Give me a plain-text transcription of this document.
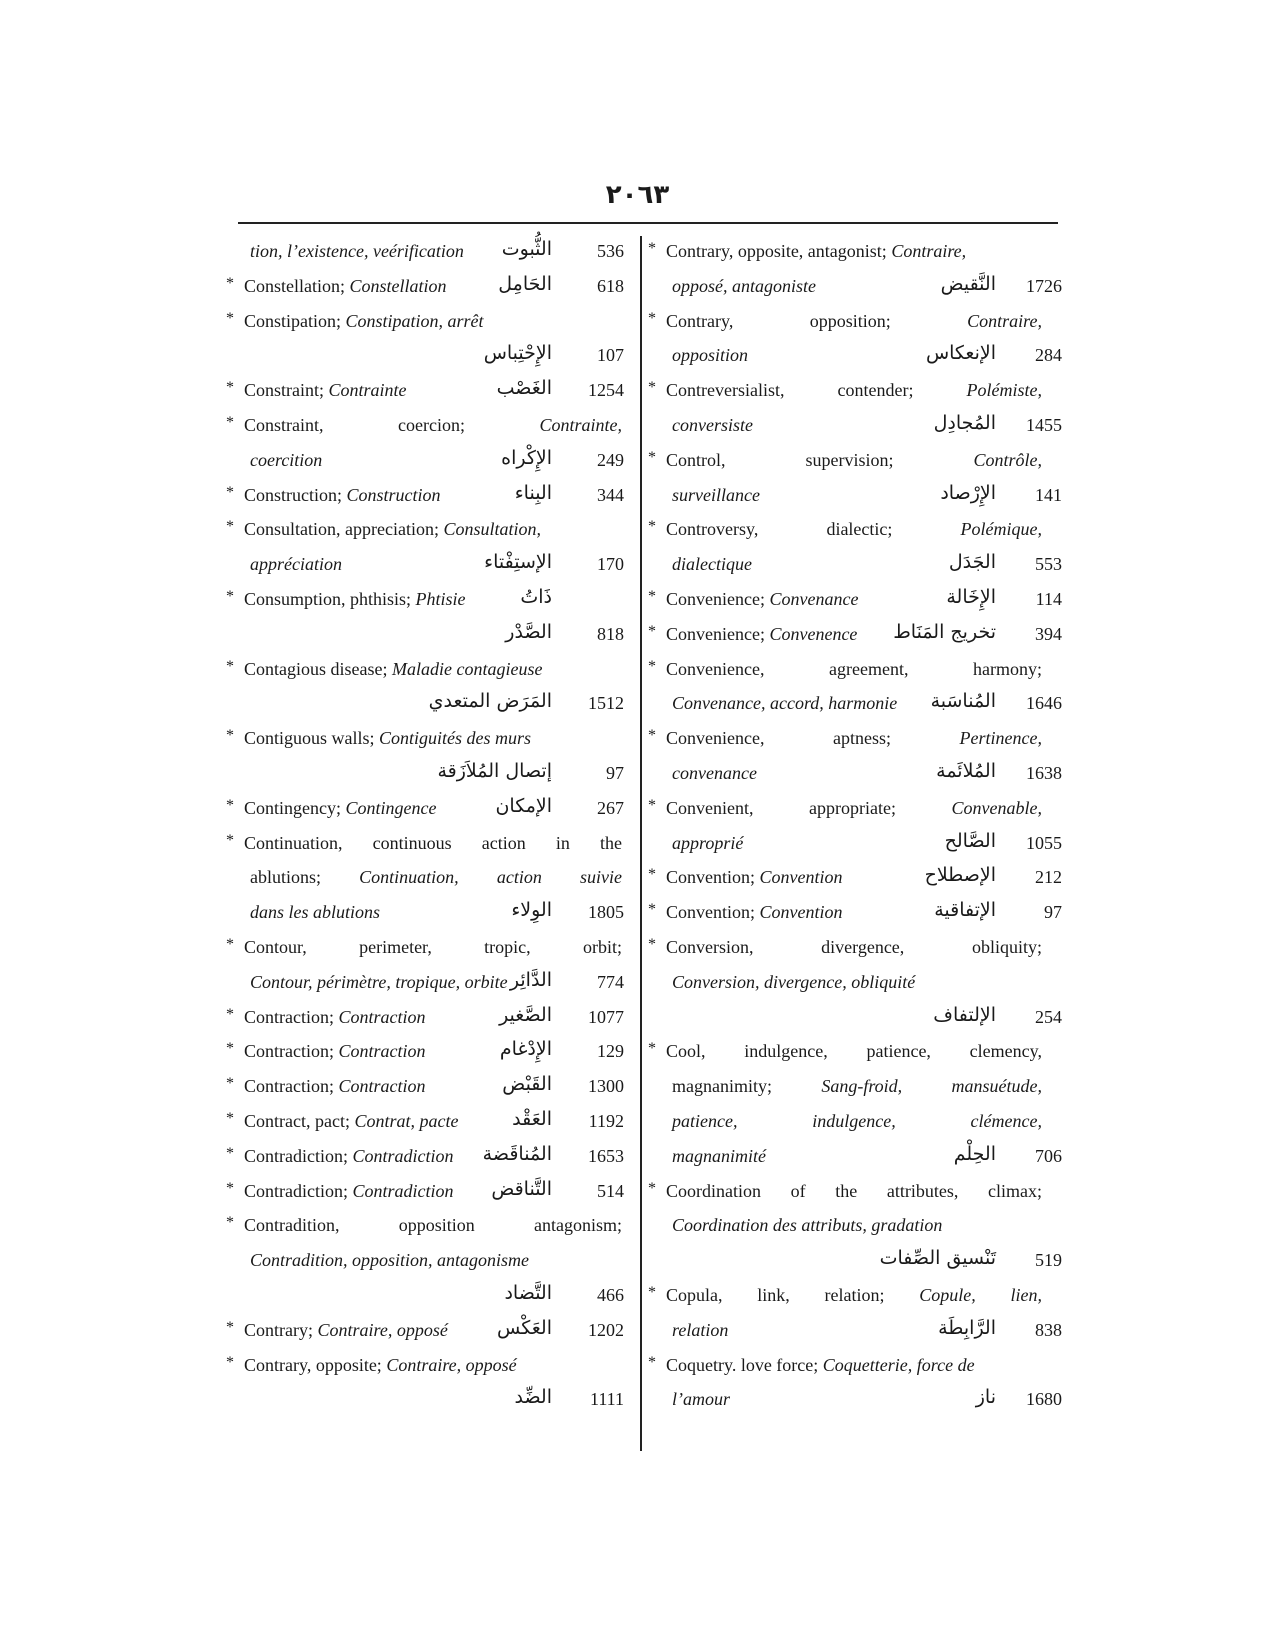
٢٠٦٣
tion, l’existence, veérification الثُّبوت	536
* Constellation; Constellation	الحَامِل	618
* Constipation; Constipation, arrêt
الإِحْتِباس	107
* Constraint; Contrainte	الغَصْب	1254
* Constraint,	coercion;	Contrainte,
coercition	الإِكْراه	249
* Construction; Construction	البِناء	344
* Consultation, appreciation; Consultation,
appréciation	الإستِفْتاء	170
* Consumption, phthisis; Phtisie	ذَاتُ
الصَّدْر	818
* Contagious disease; Maladie contagieuse
المَرَض المتعدي	1512
* Contiguous walls; Contiguités des murs
إتصال المُلاَزَقة	97
* Contingency; Contingence	الإمكان	267
* Continuation, continuous action in the
ablutions; Continuation, action suivie
dans les ablutions	الوِلاء	1805
* Contour,	perimeter,	tropic,	orbit;
Contour, périmètre, tropique, orbite الدَّائِر	774
* Contraction; Contraction	الصَّغير	1077
* Contraction; Contraction	الإِدْغام	129
* Contraction; Contraction	القَبْض	1300
* Contract, pact; Contrat, pacte	العَقْد	1192
* Contradiction; Contradiction المُناقَضة	1653
* Contradiction; Contradiction التَّناقض	514
* Contradition,	opposition	antagonism;
Contradition, opposition, antagonisme
التَّضاد	466
* Contrary; Contraire, opposé	العَكْس	1202
* Contrary, opposite; Contraire, opposé
الضِّد	1111
* Contrary, opposite, antagonist; Contraire,
opposé, antagoniste	النَّقيض	1726
* Contrary,	opposition;	Contraire,
opposition	الإنعكاس	284
* Contreversialist,	contender;	Polémiste,
conversiste	المُجادِل	1455
* Control,	supervision;	Contrôle,
surveillance	الإِرْصاد	141
* Controversy,	dialectic;	Polémique,
dialectique	الجَدَل	553
* Convenience; Convenance	الإِخَالة	114
* Convenience; Convenence تخريج المَنَاط	394
* Convenience,	agreement,	harmony;
Convenance, accord, harmonie المُناسَبة	1646
* Convenience,	aptness;	Pertinence,
convenance	المُلائَمة	1638
* Convenient,	appropriate;	Convenable,
approprié	الصَّالح	1055
* Convention; Convention	الإصطلاح	212
* Convention; Convention	الإتفاقية	97
* Conversion,	divergence,	obliquity;
Conversion, divergence, obliquité
الإلتفاف	254
* Cool, indulgence, patience, clemency,
magnanimity;	Sang-froid,	mansuétude,
patience,	indulgence,	clémence,
magnanimité	الحِلْم	706
* Coordination of the attributes, climax;
Coordination des attributs, gradation
تَنْسيق الصِّفات	519
* Copula, link, relation; Copule, lien,
relation	الرَّابِطَة	838
* Coquetry. love force; Coquetterie, force de
l’amour	ناز	1680
